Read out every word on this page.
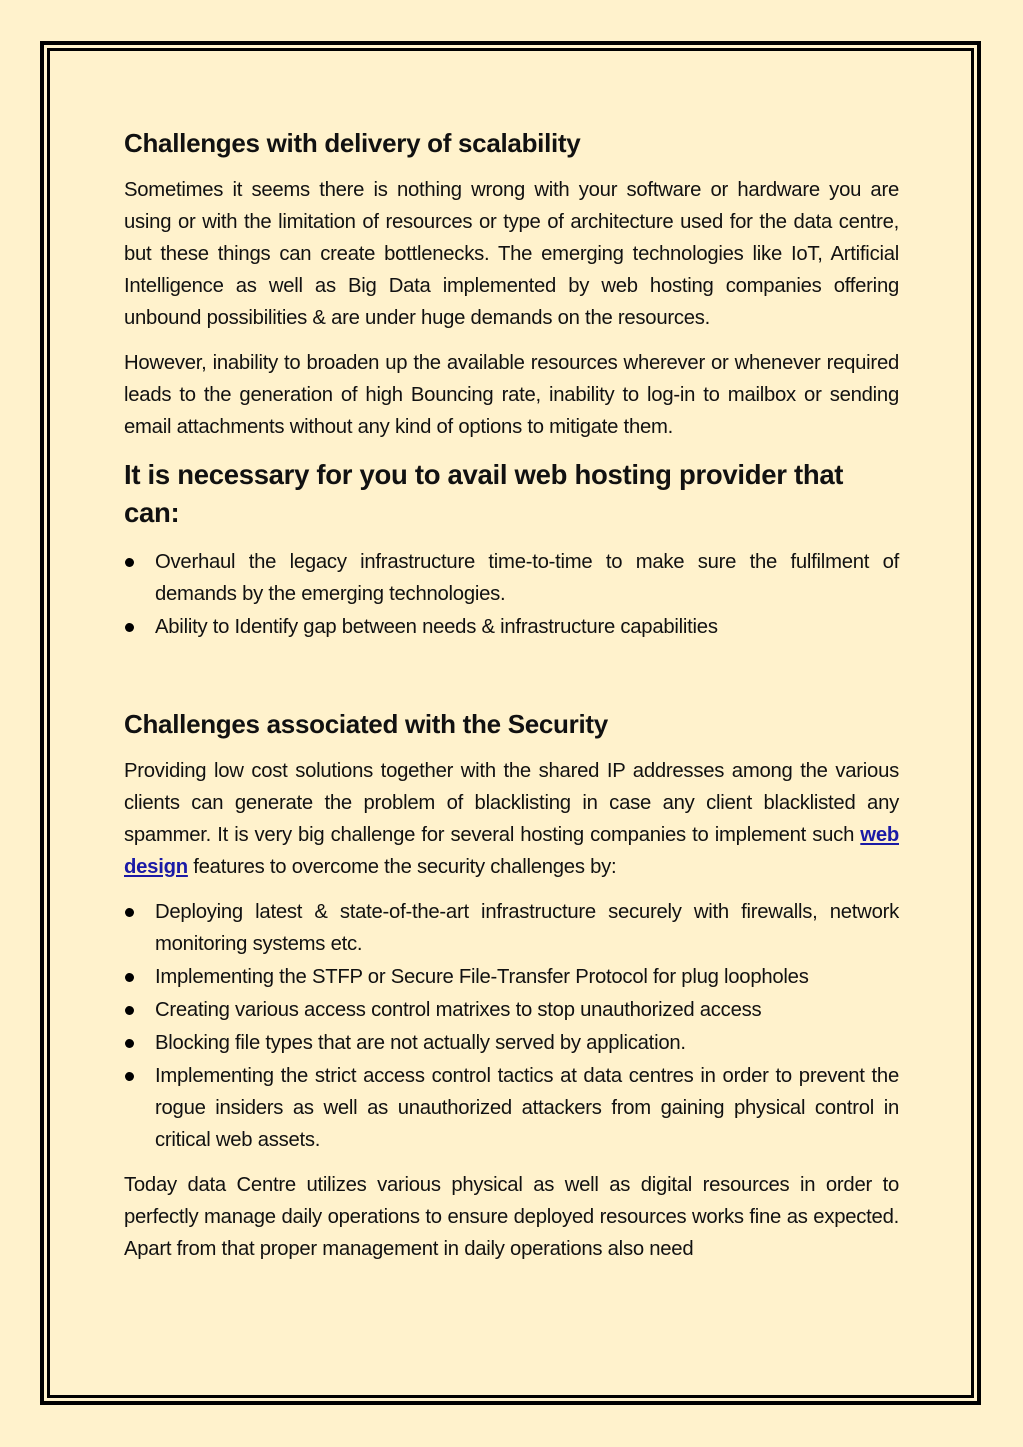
Challenges with delivery of scalability

Sometimes it seems there is nothing wrong with your software or hardware you are using or with the limitation of resources or type of architecture used for the data centre, but these things can create bottlenecks. The emerging technologies like IoT, Artificial Intelligence as well as Big Data implemented by web hosting companies offering unbound possibilities & are under huge demands on the resources.

However, inability to broaden up the available resources wherever or whenever required leads to the generation of high Bouncing rate, inability to log-in to mailbox or sending email attachments without any kind of options to mitigate them.

It is necessary for you to avail web hosting provider that can:
Overhaul the legacy infrastructure time-to-time to make sure the fulfilment of demands by the emerging technologies.
Ability to Identify gap between needs & infrastructure capabilities
Challenges associated with the Security

Providing low cost solutions together with the shared IP addresses among the various clients can generate the problem of blacklisting in case any client blacklisted any spammer. It is very big challenge for several hosting companies to implement such web design features to overcome the security challenges by:

Deploying latest & state-of-the-art infrastructure securely with firewalls, network monitoring systems etc.
Implementing the STFP or Secure File-Transfer Protocol for plug loopholes
Creating various access control matrixes to stop unauthorized access
Blocking file types that are not actually served by application.
Implementing the strict access control tactics at data centres in order to prevent the rogue insiders as well as unauthorized attackers from gaining physical control in critical web assets.

Today data Centre utilizes various physical as well as digital resources in order to perfectly manage daily operations to ensure deployed resources works fine as expected. Apart from that proper management in daily operations also need
